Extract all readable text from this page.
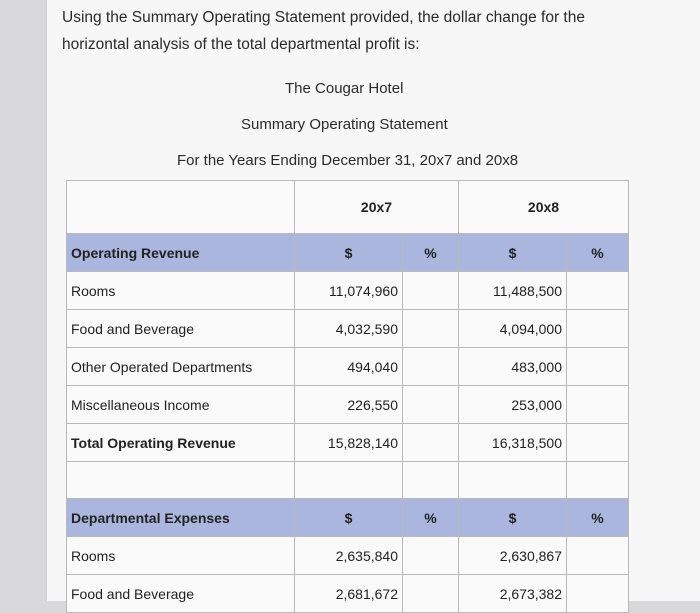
Using the Summary Operating Statement provided, the dollar change for the horizontal analysis of the total departmental profit is:
The Cougar Hotel
Summary Operating Statement
For the Years Ending December 31, 20x7 and 20x8
	20x7		20x8	
Operating Revenue	$	%	$	%
Rooms	11,074,960		11,488,500	
Food and Beverage	4,032,590		4,094,000	
Other Operated Departments	494,040		483,000	
Miscellaneous Income	226,550		253,000	
Total Operating Revenue	15,828,140		16,318,500	

Departmental Expenses	$	%	$	%
Rooms	2,635,840		2,630,867	
Food and Beverage	2,681,672		2,673,382	
